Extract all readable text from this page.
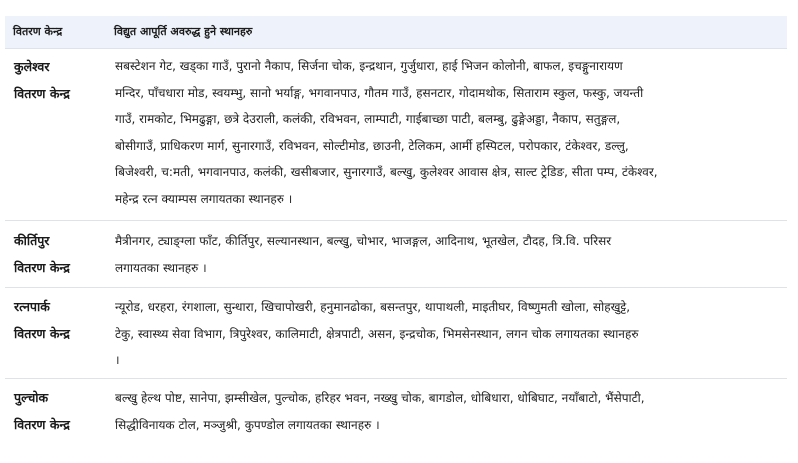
वितरण केन्द्र	विद्युत आपूर्ति अवरुद्ध हुने स्थानहरु
कुलेश्वर
वितरण केन्द्र
सबस्टेशन गेट, खड्का गाउँ, पुरानो नैकाप, सिर्जना चोक, इन्द्रथान, गुर्जुधारा, हाई भिजन कोलोनी, बाफल, इचङ्गुनारायण
मन्दिर, पाँचधारा मोड, स्वयम्भु, सानो भर्याङ्ग, भगवानपाउ, गौतम गाउँ, हसनटार, गोदामथोक, सिताराम स्कुल, फस्कु, जयन्ती
गाउँ, रामकोट, भिमढुङ्गा, छत्रे देउराली, कलंकी, रविभवन, लाम्पाटी, गाईबाच्छा पाटी, बलम्बु, ढुङ्गेअड्डा, नैकाप, सतुङ्गल,
बोसीगाउँ, प्राधिकरण मार्ग, सुनारगाउँ, रविभवन, सोल्टीमोड, छाउनी, टेलिकम, आर्मी हस्पिटल, परोपकार, टंकेश्वर, डल्लु,
बिजेश्वरी, च:मती, भगवानपाउ, कलंकी, खसीबजार, सुनारगाउँ, बल्खु, कुलेश्वर आवास क्षेत्र, साल्ट ट्रेडिङ, सीता पम्प, टंकेश्वर,
महेन्द्र रत्न क्याम्पस लगायतका स्थानहरु ।
कीर्तिपुर
वितरण केन्द्र
मैत्रीनगर, ट्याङ्ग्ला फाँट, कीर्तिपुर, सल्यानस्थान, बल्खु, चोभार, भाजङ्गल, आदिनाथ, भूतखेल, टौदह, त्रि.वि. परिसर
लगायतका स्थानहरु ।
रत्नपार्क
वितरण केन्द्र
न्यूरोड, धरहरा, रंगशाला, सुन्धारा, खिचापोखरी, हनुमानढोका, बसन्तपुर, थापाथली, माइतीघर, विष्णुमती खोला, सोहखुट्टे,
टेकु, स्वास्थ्य सेवा विभाग, त्रिपुरेश्वर, कालिमाटी, क्षेत्रपाटी, असन, इन्द्रचोक, भिमसेनस्थान, लगन चोक लगायतका स्थानहरु
।
पुल्चोक
वितरण केन्द्र
बल्खु हेल्थ पोष्ट, सानेपा, झम्सीखेल, पुल्चोक, हरिहर भवन, नख्खु चोक, बागडोल, धोबिधारा, धोबिघाट, नयाँबाटो, भैंसेपाटी,
सिद्धीविनायक टोल, मञ्जुश्री, कुपण्डोल लगायतका स्थानहरु ।
